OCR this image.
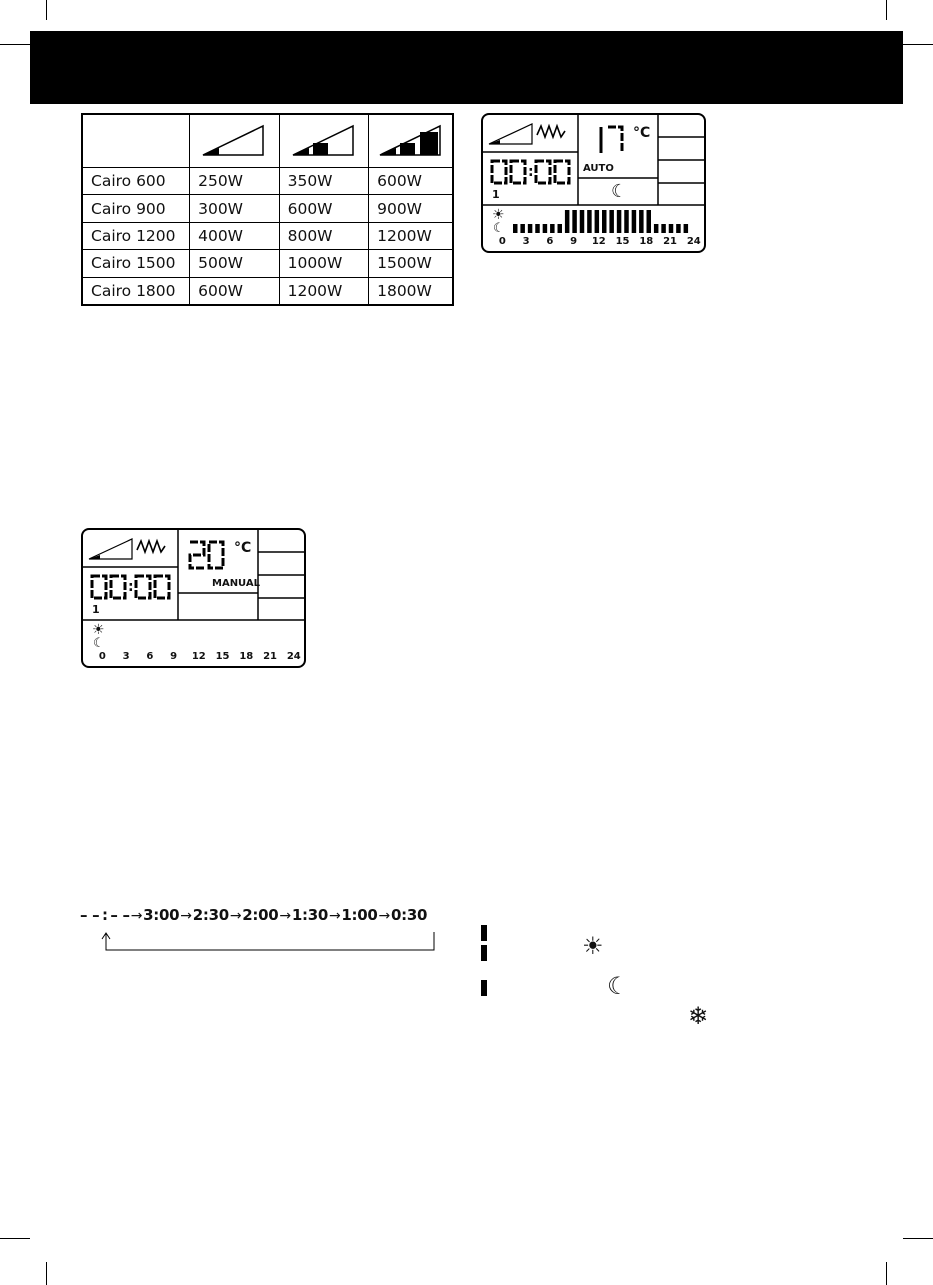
Cairo 600	250W	350W	600W
Cairo 900	300W	600W	900W
Cairo 1200	400W	800W	1200W
Cairo 1500	500W	1000W	1500W
Cairo 1800	600W	1200W	1800W
:
°C
AUTO
☾
1
☀
☾
0 3 6 9 12 15 18 21 24
:
°C
MANUAL
1
☀
☾
0 3 6 9 12 15 18 21 24
– – : – –→3:00→2:30→2:00→1:30→1:00→0:30
☀
☾
❄
